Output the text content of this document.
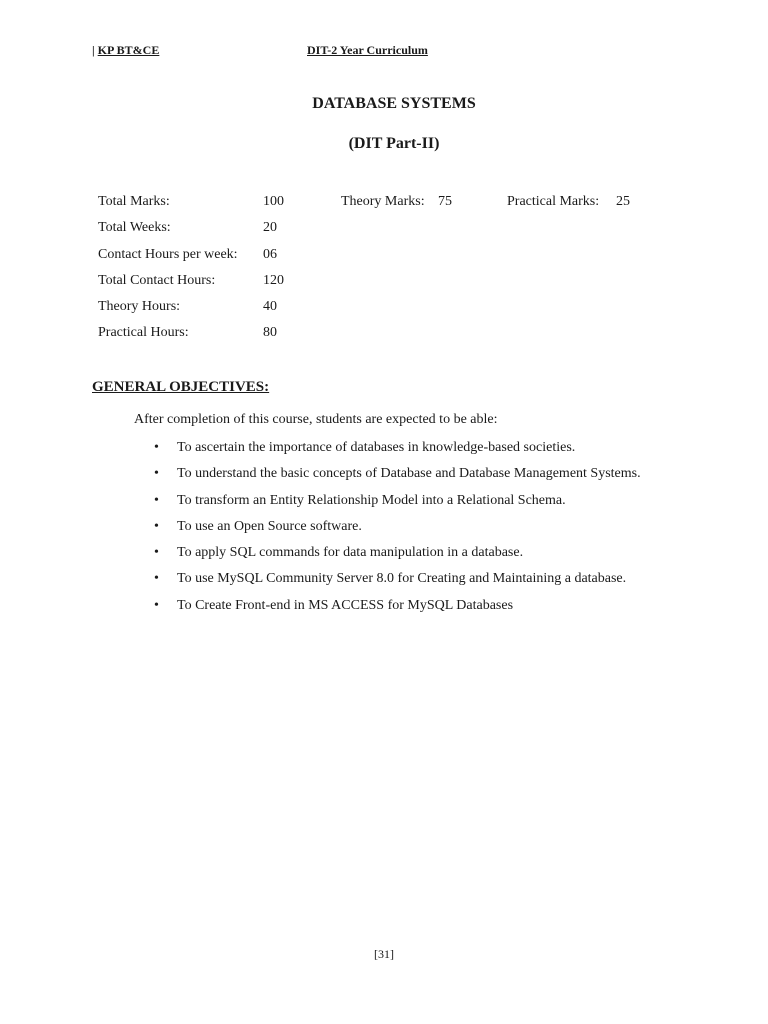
| KP BT&CE	DIT-2 Year Curriculum
DATABASE SYSTEMS
(DIT Part-II)
Total Marks:	100	Theory Marks: 75	Practical Marks: 25
Total Weeks:	20
Contact Hours per week: 06
Total Contact Hours:	120
Theory Hours:	40
Practical Hours:	80
GENERAL OBJECTIVES:
After completion of this course, students are expected to be able:
• To ascertain the importance of databases in knowledge-based societies.
• To understand the basic concepts of Database and Database Management Systems.
• To transform an Entity Relationship Model into a Relational Schema.
• To use an Open Source software.
• To apply SQL commands for data manipulation in a database.
• To use MySQL Community Server 8.0 for Creating and Maintaining a database.
• To Create Front-end in MS ACCESS for MySQL Databases
[31]
